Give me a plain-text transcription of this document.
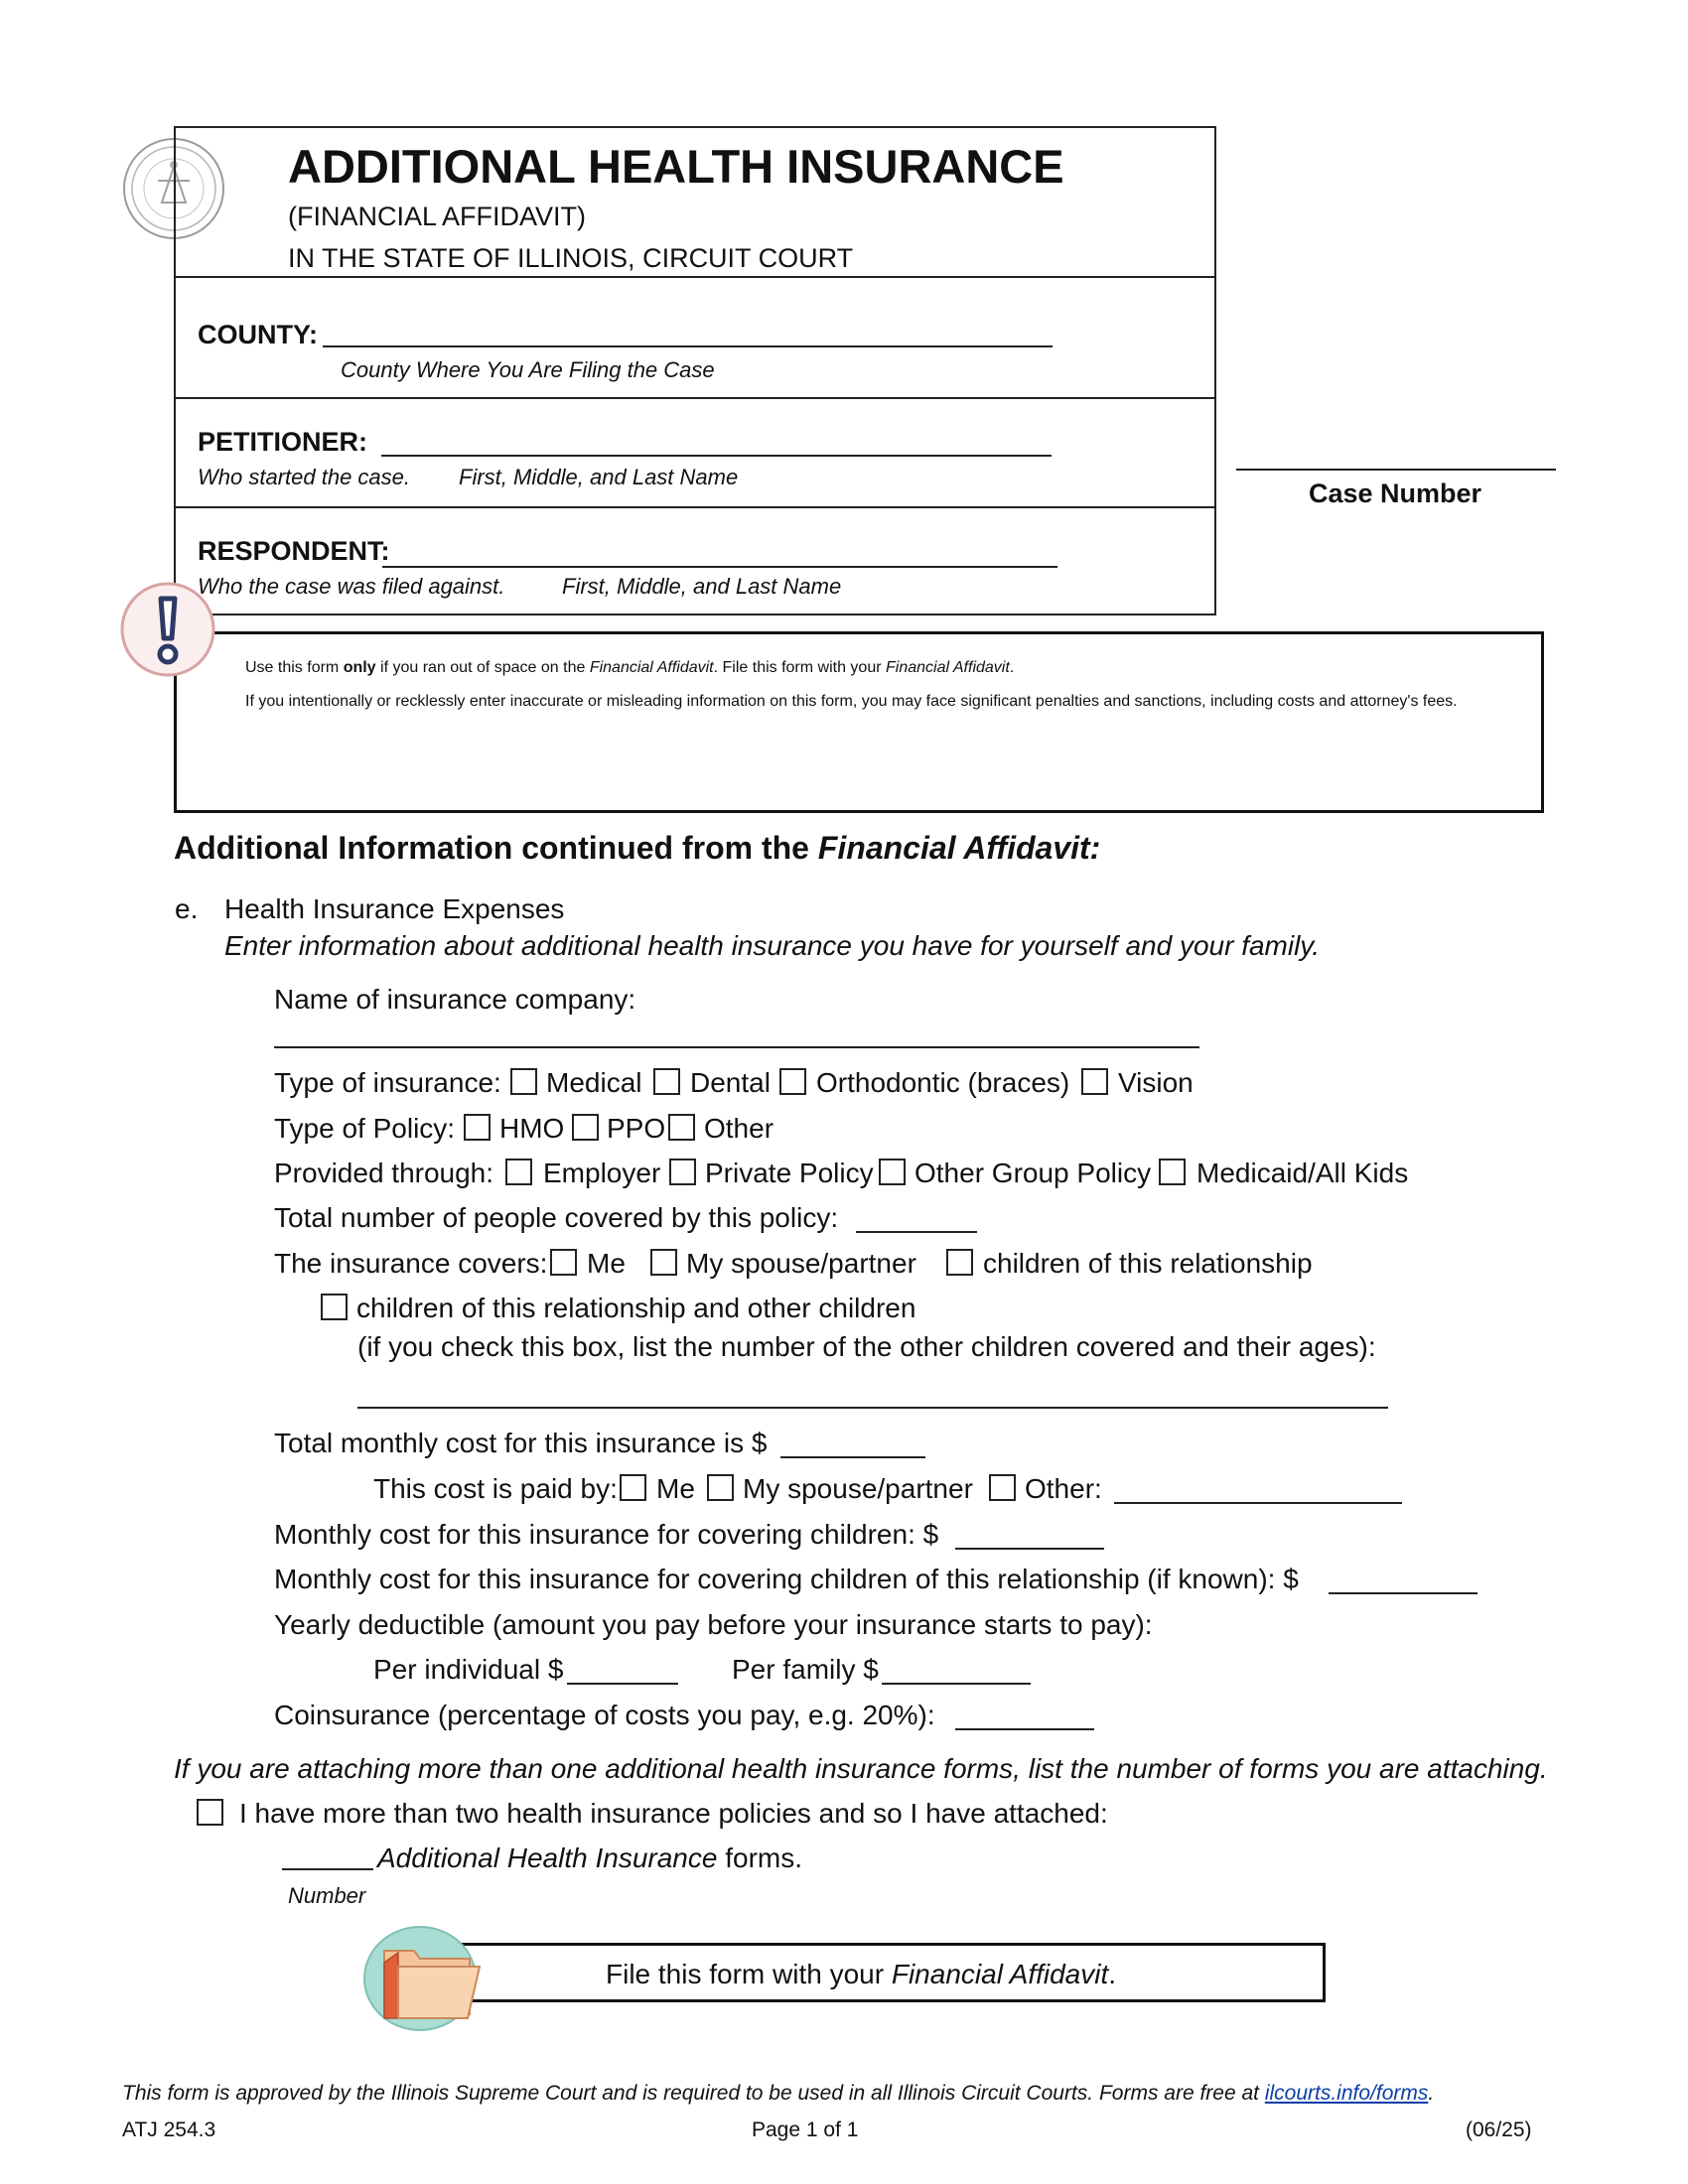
ADDITIONAL HEALTH INSURANCE
(FINANCIAL AFFIDAVIT)
IN THE STATE OF ILLINOIS, CIRCUIT COURT
COUNTY:
County Where You Are Filing the Case
PETITIONER:
Who started the case. First, Middle, and Last Name
RESPONDENT:
Who the case was filed against.	First, Middle, and Last Name
Case Number

Use this form only if you ran out of space on the Financial Affidavit. File this form with your Financial Affidavit.

If you intentionally or recklessly enter inaccurate or misleading information on this form, you may face significant penalties and sanctions, including costs and attorney's fees.

Additional Information continued from the Financial Affidavit:
e. Health Insurance Expenses
Enter information about additional health insurance you have for yourself and your family.
Name of insurance company:
Type of insurance: Medical Dental Orthodontic (braces) Vision
Type of Policy: HMO PPO Other
Provided through: Employer Private Policy Other Group Policy Medicaid/All Kids
Total number of people covered by this policy:
The insurance covers: Me My spouse/partner children of this relationship
children of this relationship and other children
(if you check this box, list the number of the other children covered and their ages):
Total monthly cost for this insurance is $
This cost is paid by: Me My spouse/partner Other:
Monthly cost for this insurance for covering children: $
Monthly cost for this insurance for covering children of this relationship (if known): $
Yearly deductible (amount you pay before your insurance starts to pay):
Per individual $	Per family $
Coinsurance (percentage of costs you pay, e.g. 20%):
If you are attaching more than one additional health insurance forms, list the number of forms you are attaching.
I have more than two health insurance policies and so I have attached:
Additional Health Insurance forms.
Number
File this form with your Financial Affidavit.
This form is approved by the Illinois Supreme Court and is required to be used in all Illinois Circuit Courts. Forms are free at ilcourts.info/forms.
ATJ 254.3	Page 1 of 1	(06/25)
